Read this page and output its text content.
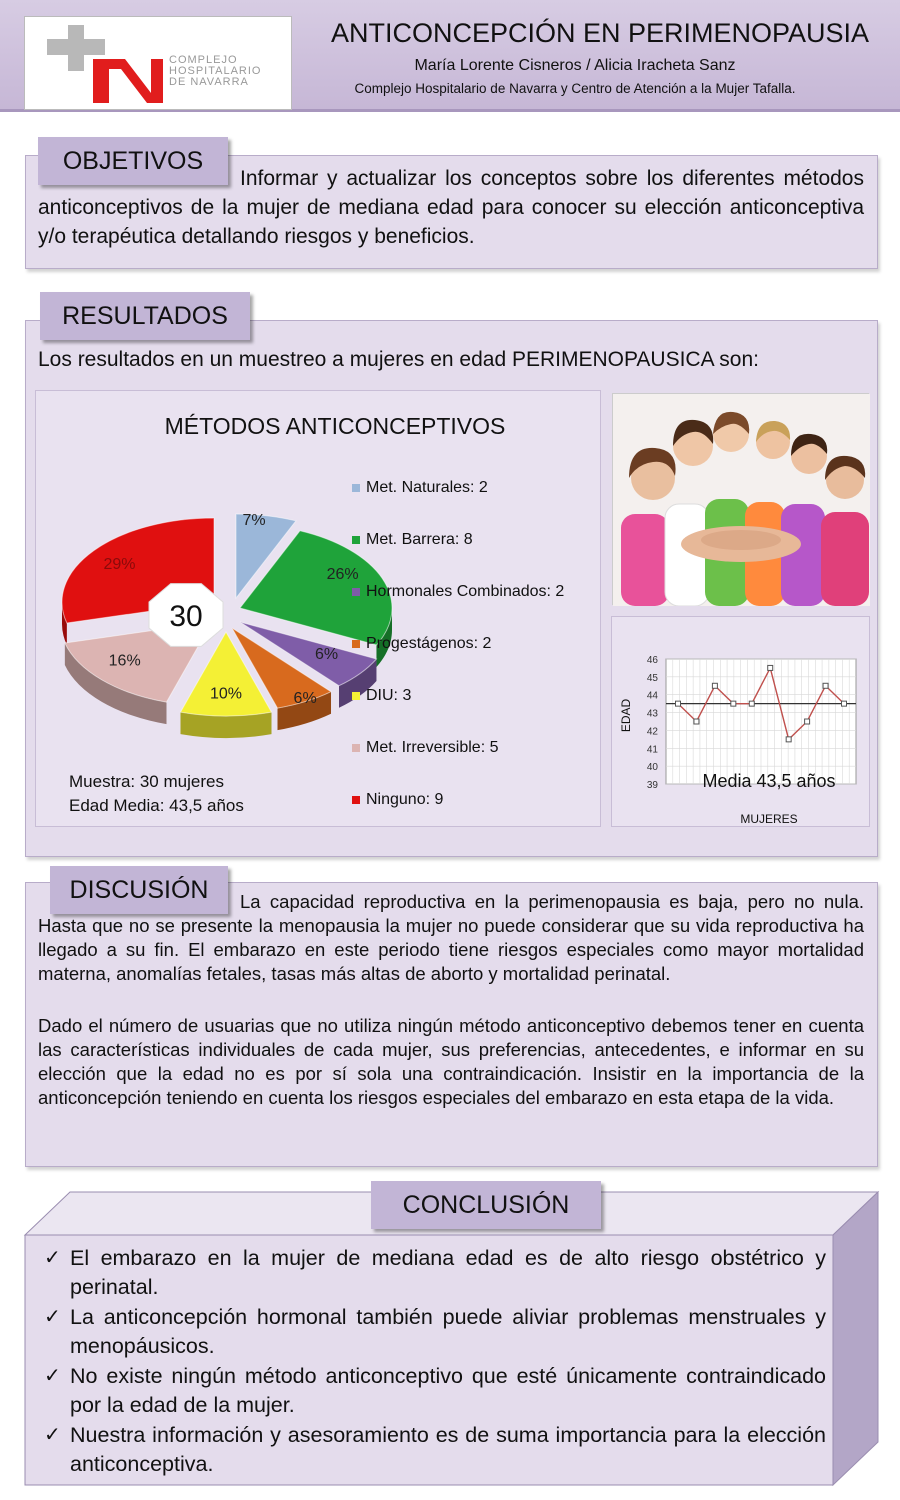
COMPLEJO
HOSPITALARIO
DE NAVARRA
ANTICONCEPCIÓN EN PERIMENOPAUSIA
María Lorente Cisneros / Alicia Iracheta Sanz
Complejo Hospitalario de Navarra y Centro de Atención a la Mujer Tafalla.
OBJETIVOS
Informar y actualizar los conceptos sobre los diferentes métodos anticonceptivos de la mujer de mediana edad para conocer su elección anticonceptiva y/o terapéutica detallando riesgos y beneficios.
RESULTADOS
Los resultados en un muestreo a mujeres en edad PERIMENOPAUSICA son:
MÉTODOS ANTICONCEPTIVOS
7%
26%
6%
6%
10%
16%
29%
30
Met. Naturales: 2
Met. Barrera: 8
Hormonales Combinados: 2
Progestágenos: 2
DIU: 3
Met. Irreversible: 5
Ninguno: 9
Muestra: 30 mujeres
Edad Media: 43,5 años
39
40
41
42
43
44
45
46
EDAD
MUJERES
Media 43,5 años
DISCUSIÓN	La capacidad reproductiva en la perimenopausia es baja, pero no nula. Hasta que no se presente la menopausia la mujer no puede considerar que su vida reproductiva ha llegado a su fin. El embarazo en este periodo tiene riesgos especiales como mayor mortalidad materna, anomalías fetales, tasas más altas de aborto y mortalidad perinatal.
Dado el número de usuarias que no utiliza ningún método anticonceptivo debemos tener en cuenta las características individuales de cada mujer, sus preferencias, antecedentes, e informar en su elección que la edad no es por sí sola una contraindicación. Insistir en la importancia de la anticoncepción teniendo en cuenta los riesgos especiales del embarazo en esta etapa de la vida.
CONCLUSIÓN
✓ El embarazo en la mujer de mediana edad es de alto riesgo obstétrico y perinatal.
✓ La anticoncepción hormonal también puede aliviar problemas menstruales y menopáusicos.
✓ No existe ningún método anticonceptivo que esté únicamente contraindicado por la edad de la mujer.
✓ Nuestra información y asesoramiento es de suma importancia para la elección anticonceptiva.
